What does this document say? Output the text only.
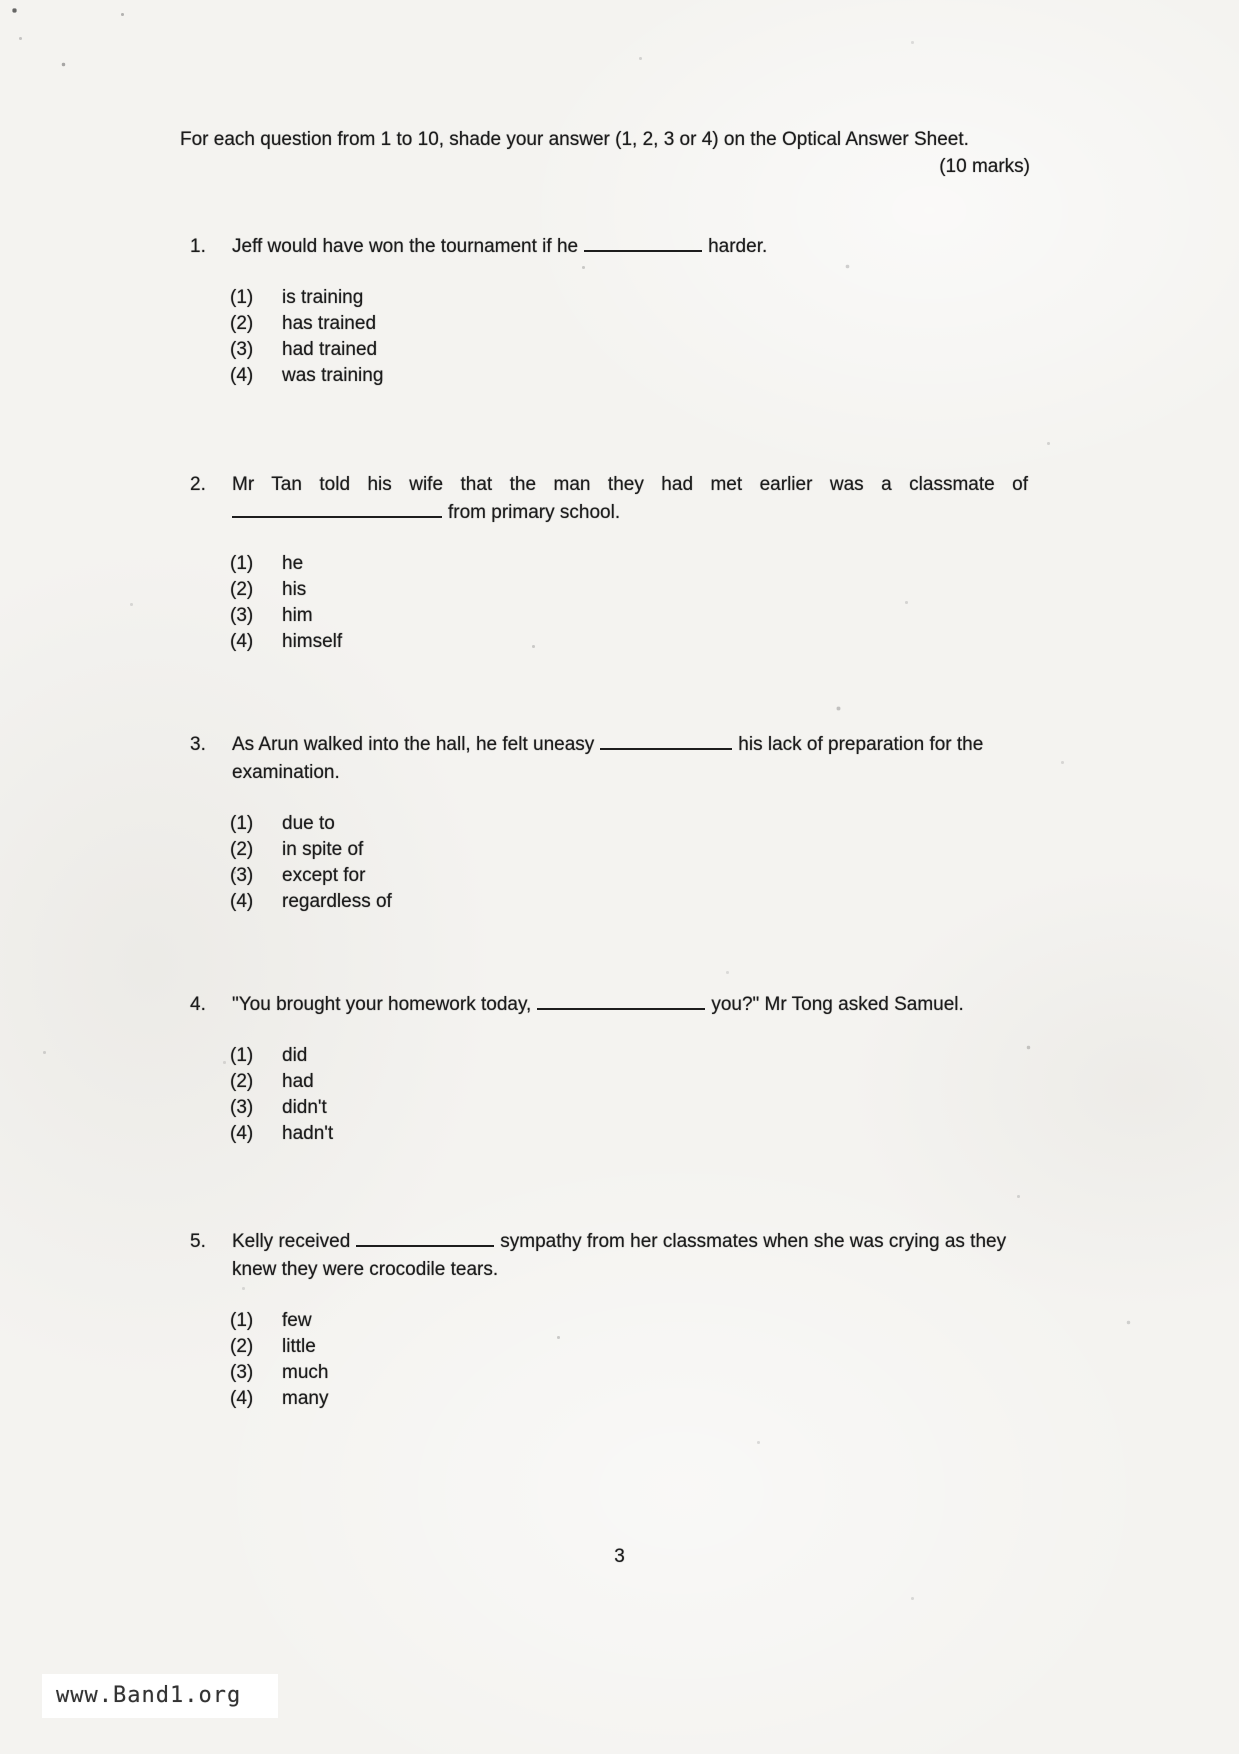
For each question from 1 to 10, shade your answer (1, 2, 3 or 4) on the Optical Answer Sheet.
(10 marks)
1. Jeff would have won the tournament if he	harder.

(1)	is training
(2)	has trained
(3)	had trained
(4)	was training
2. Mr Tan told his wife that the man they had met earlier was a classmate of from primary school.

(1)	he
(2)	his
(3)	him
(4)	himself
3. As Arun walked into the hall, he felt uneasy	his lack of preparation for the examination.

(1)	due to
(2)	in spite of
(3)	except for
(4)	regardless of
4. "You brought your homework today,	you?" Mr Tong asked Samuel.

(1)	did
(2)	had
(3)	didn't
(4)	hadn't
5. Kelly received	sympathy from her classmates when she was crying as they knew they were crocodile tears.

(1)	few
(2)	little
(3)	much
(4)	many
3
www.Band1.org
